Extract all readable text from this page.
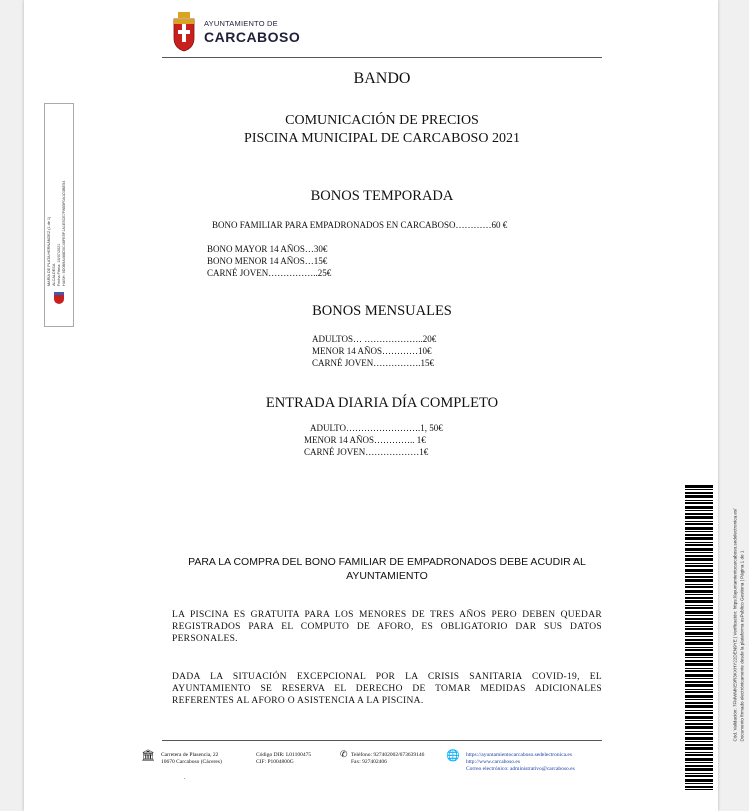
AYUNTAMIENTO DE
CARCABOSO
BANDO
COMUNICACIÓN DE PRECIOS
PISCINA MUNICIPAL DE CARCABOSO 2021
BONOS TEMPORADA
BONO FAMILIAR PARA EMPADRONADOS EN CARCABOSO…………60 €
BONO MAYOR 14 AÑOS…30€
BONO MENOR 14 AÑOS…15€
CARNÉ JOVEN……………..25€
BONOS MENSUALES
ADULTOS… ………………..20€
MENOR 14 AÑOS…………10€
CARNÉ JOVEN…………….15€
ENTRADA DIARIA DÍA COMPLETO
ADULTO…………………….1, 50€
MENOR 14 AÑOS………….. 1€
CARNÉ JOVEN………………1€
PARA LA COMPRA DEL BONO FAMILIAR DE EMPADRONADOS DEBE ACUDIR AL AYUNTAMIENTO
LA PISCINA ES GRATUITA PARA LOS MENORES DE TRES AÑOS PERO DEBEN QUEDAR REGISTRADOS PARA EL COMPUTO DE AFORO, ES OBLIGATORIO DAR SUS DATOS PERSONALES.
DADA LA SITUACIÓN EXCEPCIONAL POR LA CRISIS SANITARIA COVID-19, EL AYUNTAMIENTO SE RESERVA EL DERECHO DE TOMAR MEDIDAS ADICIONALES REFERENTES AL AFORO O ASISTENCIA A LA PISCINA.
🏛 Carretera de Plasencia, 22
10670 Carcaboso (Cáceres)
Código DIR: L01100475
CIF: P1004800G
✆ Teléfono: 927402002/673639146
Fax: 927402406	🌐 https://ayuntamientocarcaboso.sedelectronica.es
http://www.carcaboso.es
Correo electrónico: administrativo@carcaboso.es
.
MARÍA DE PLATA HERNÁNDEZ (1 de 1) ALCALDESA Fecha Firma: 16/07/2021 HASH: 9D0B9A468D0C46FE9F1A1E5CE7F8B5F0A1D3BE54
Cód. Validación: 7FMWMKE9R3KXHY22DEN9YE | Verificación: https://ayuntamientocarcaboso.sedelectronica.es/ Documento firmado electrónicamente desde la plataforma esPublico Gestiona | Página 1 de 1
